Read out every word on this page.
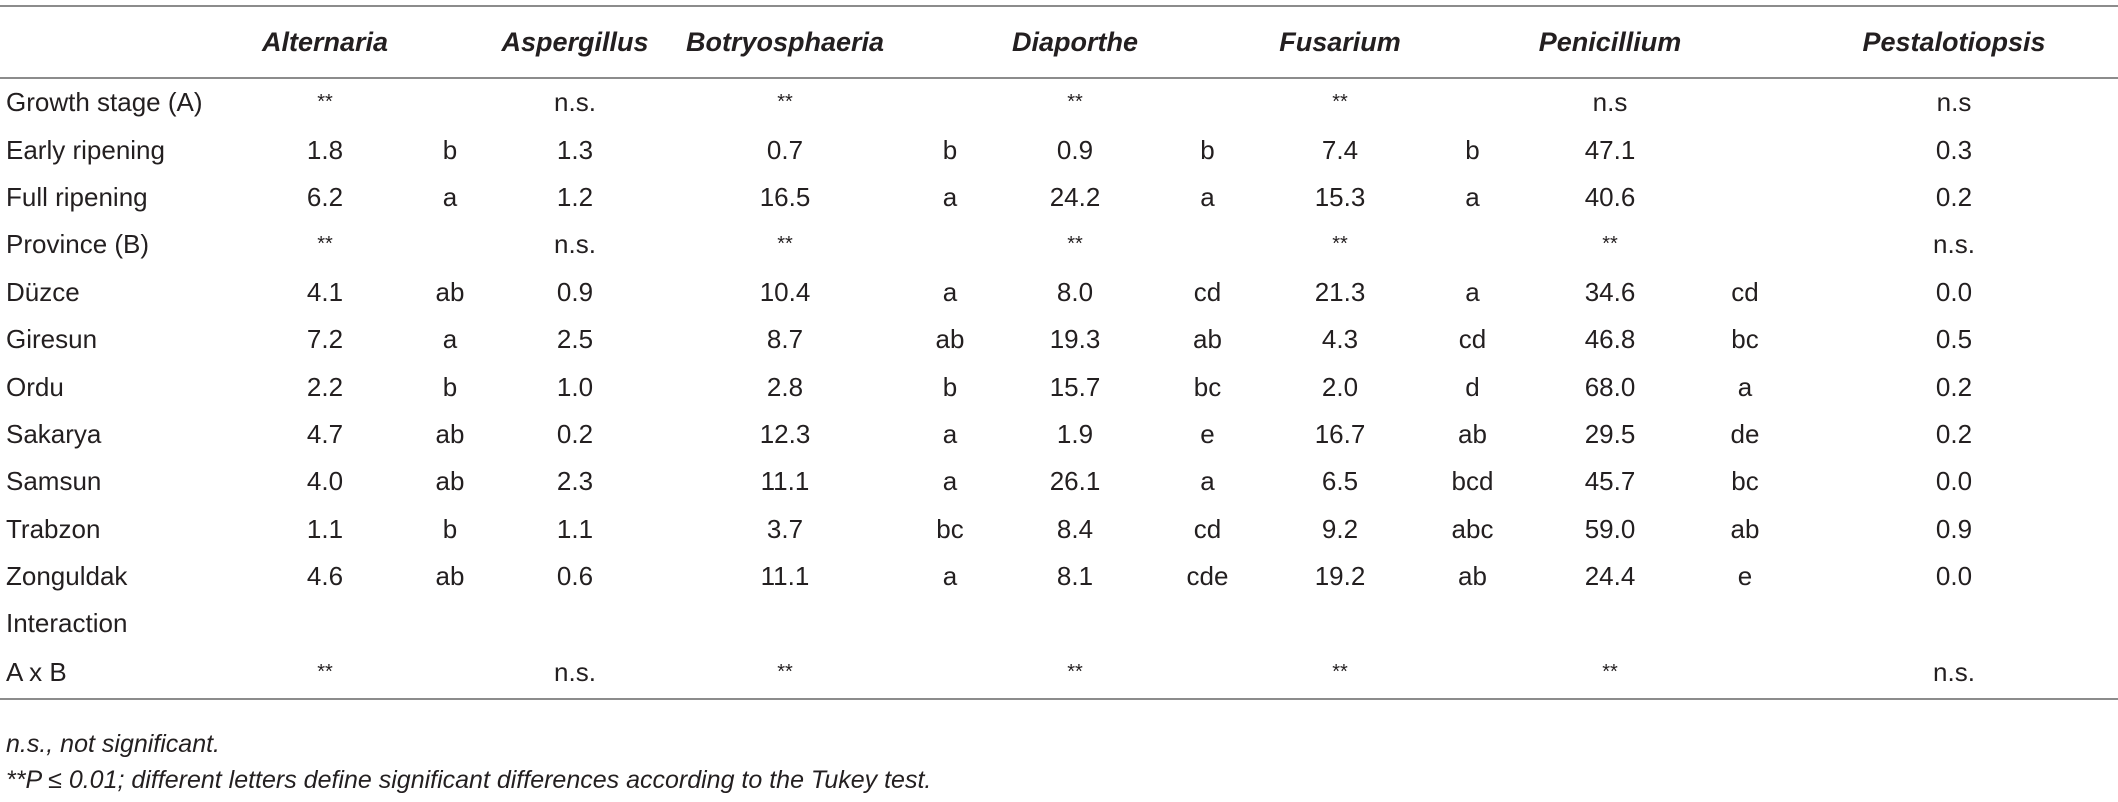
	Alternaria		Aspergillus	Botryosphaeria		Diaporthe		Fusarium		Penicillium		Pestalotiopsis
Growth stage (A)	**		n.s.	**		**		**		n.s		n.s
Early ripening	1.8	b	1.3	0.7	b	0.9	b	7.4	b	47.1		0.3
Full ripening	6.2	a	1.2	16.5	a	24.2	a	15.3	a	40.6		0.2
Province (B)	**		n.s.	**		**		**		**		n.s.
Düzce	4.1	ab	0.9	10.4	a	8.0	cd	21.3	a	34.6	cd	0.0
Giresun	7.2	a	2.5	8.7	ab	19.3	ab	4.3	cd	46.8	bc	0.5
Ordu	2.2	b	1.0	2.8	b	15.7	bc	2.0	d	68.0	a	0.2
Sakarya	4.7	ab	0.2	12.3	a	1.9	e	16.7	ab	29.5	de	0.2
Samsun	4.0	ab	2.3	11.1	a	26.1	a	6.5	bcd	45.7	bc	0.0
Trabzon	1.1	b	1.1	3.7	bc	8.4	cd	9.2	abc	59.0	ab	0.9
Zonguldak	4.6	ab	0.6	11.1	a	8.1	cde	19.2	ab	24.4	e	0.0
Interaction												
A x B	**		n.s.	**		**		**		**		n.s.
n.s., not significant.
**P ≤ 0.01; different letters define significant differences according to the Tukey test.
